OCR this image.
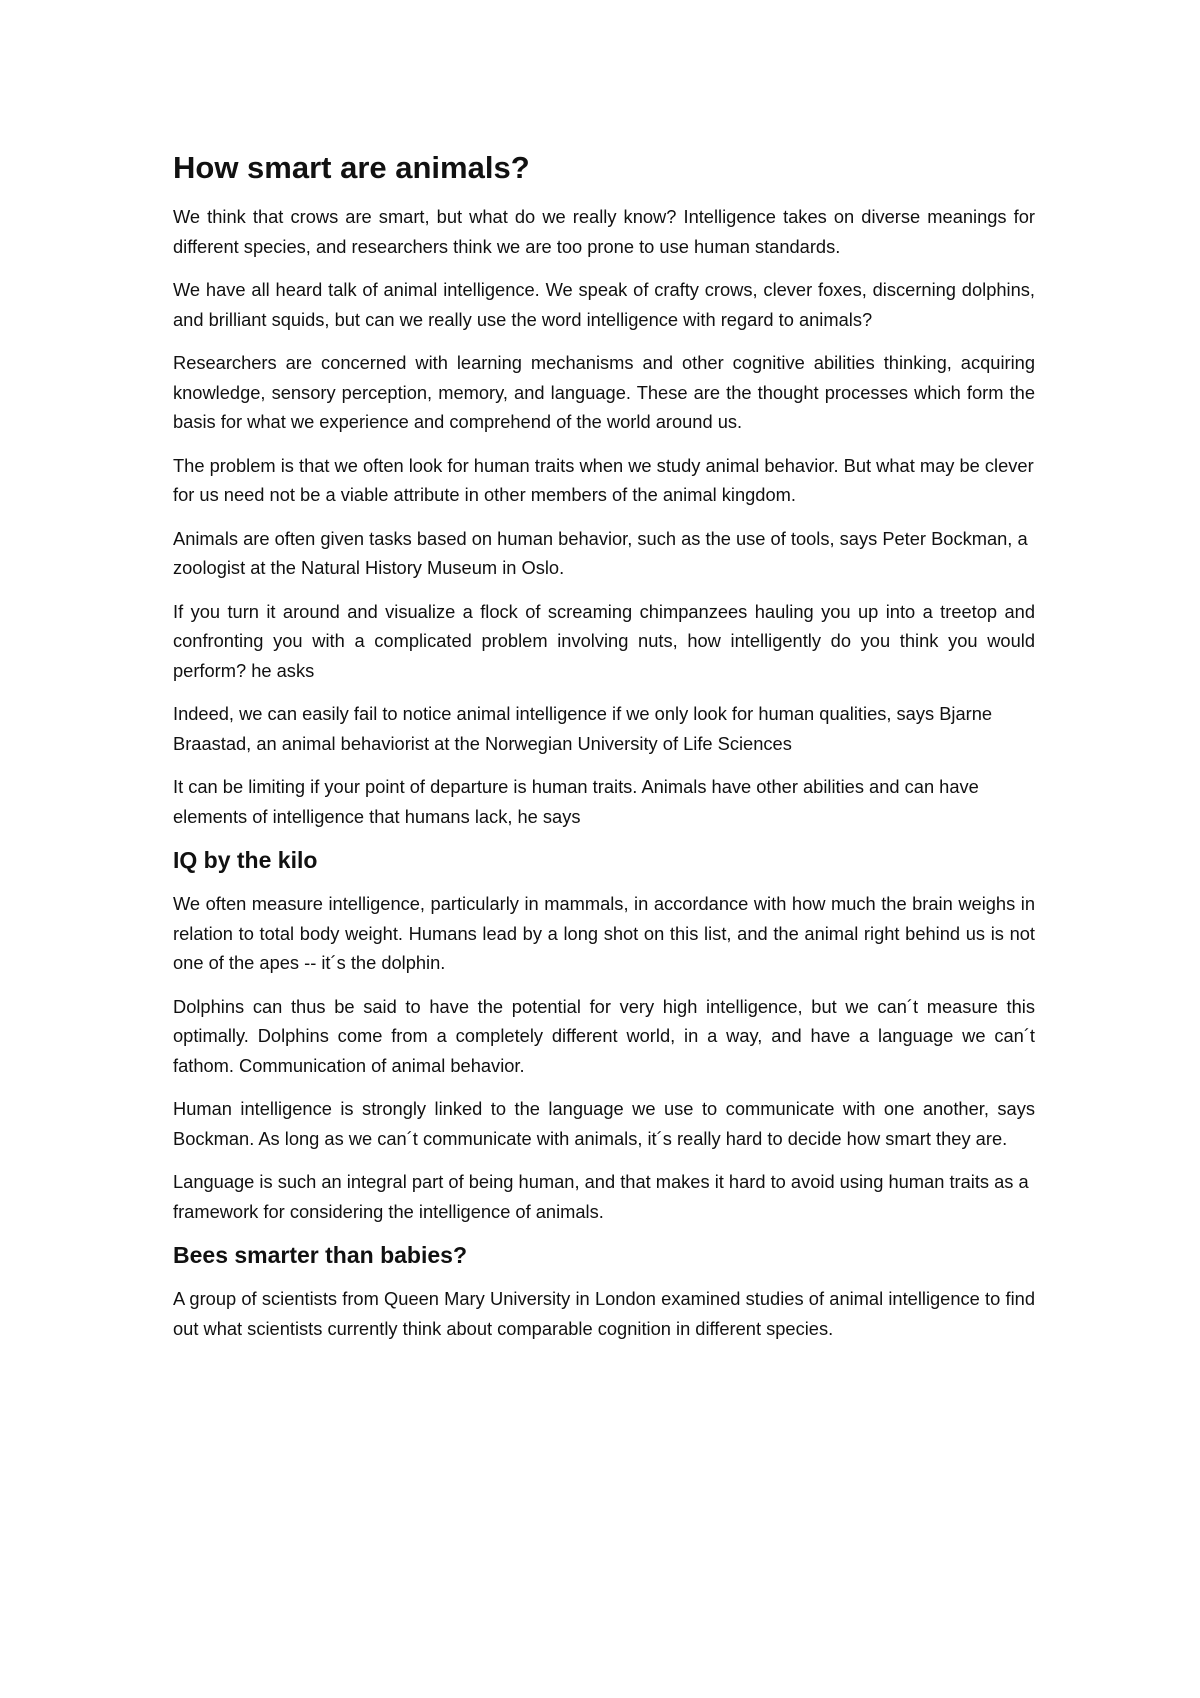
How smart are animals?

We think that crows are smart, but what do we really know? Intelligence takes on diverse meanings for different species, and researchers think we are too prone to use human standards.

We have all heard talk of animal intelligence. We speak of crafty crows, clever foxes, discerning dolphins, and brilliant squids, but can we really use the word intelligence with regard to animals?

Researchers are concerned with learning mechanisms and other cognitive abilities thinking, acquiring knowledge, sensory perception, memory, and language. These are the thought processes which form the basis for what we experience and comprehend of the world around us.

The problem is that we often look for human traits when we study animal behavior. But what may be clever for us need not be a viable attribute in other members of the animal kingdom.

Animals are often given tasks based on human behavior, such as the use of tools, says Peter Bockman, a zoologist at the Natural History Museum in Oslo.

If you turn it around and visualize a flock of screaming chimpanzees hauling you up into a treetop and confronting you with a complicated problem involving nuts, how intelligently do you think you would perform? he asks

Indeed, we can easily fail to notice animal intelligence if we only look for human qualities, says Bjarne Braastad, an animal behaviorist at the Norwegian University of Life Sciences

It can be limiting if your point of departure is human traits. Animals have other abilities and can have elements of intelligence that humans lack, he says

IQ by the kilo

We often measure intelligence, particularly in mammals, in accordance with how much the brain weighs in relation to total body weight. Humans lead by a long shot on this list, and the animal right behind us is not one of the apes -- it´s the dolphin.

Dolphins can thus be said to have the potential for very high intelligence, but we can´t measure this optimally. Dolphins come from a completely different world, in a way, and have a language we can´t fathom. Communication of animal behavior.

Human intelligence is strongly linked to the language we use to communicate with one another, says Bockman. As long as we can´t communicate with animals, it´s really hard to decide how smart they are.

Language is such an integral part of being human, and that makes it hard to avoid using human traits as a framework for considering the intelligence of animals.

Bees smarter than babies?

A group of scientists from Queen Mary University in London examined studies of animal intelligence to find out what scientists currently think about comparable cognition in different species.
